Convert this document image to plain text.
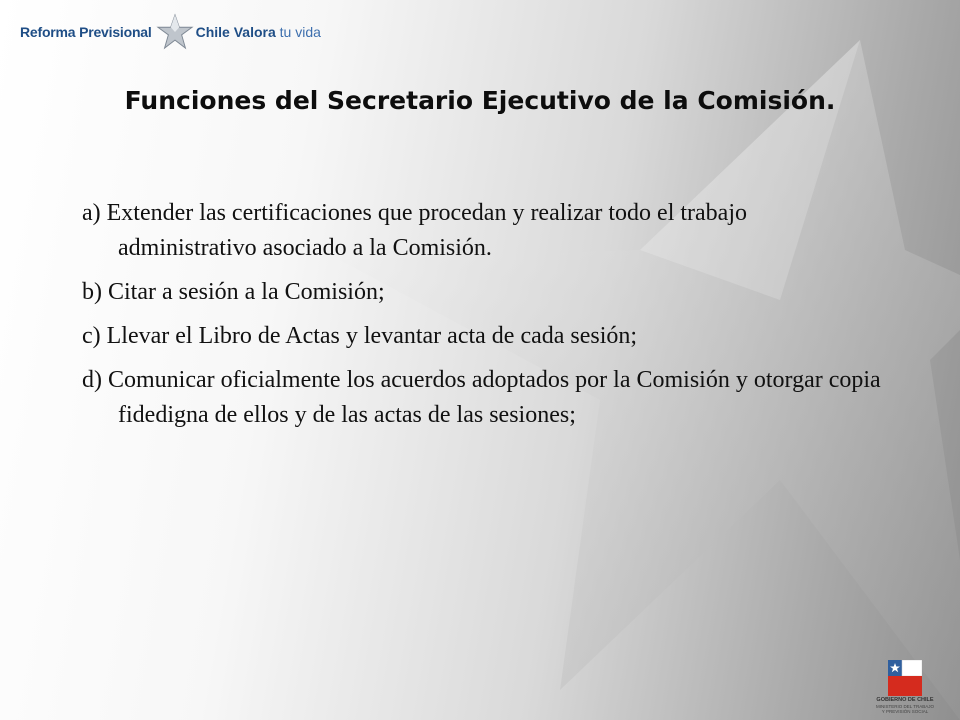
Reforma Previsional	Chile Valora tu vida
Funciones del Secretario Ejecutivo de la Comisión.

a) Extender las certificaciones que procedan y realizar todo el trabajo administrativo asociado a la Comisión.

b) Citar a sesión a la Comisión;

c) Llevar el Libro de Actas y levantar acta de cada sesión;

d) Comunicar oficialmente los acuerdos adoptados por la Comisión y otorgar copia fidedigna de ellos y de las actas de las sesiones;

GOBIERNO DE CHILE
MINISTERIO DEL TRABAJO
Y PREVISIÓN SOCIAL
